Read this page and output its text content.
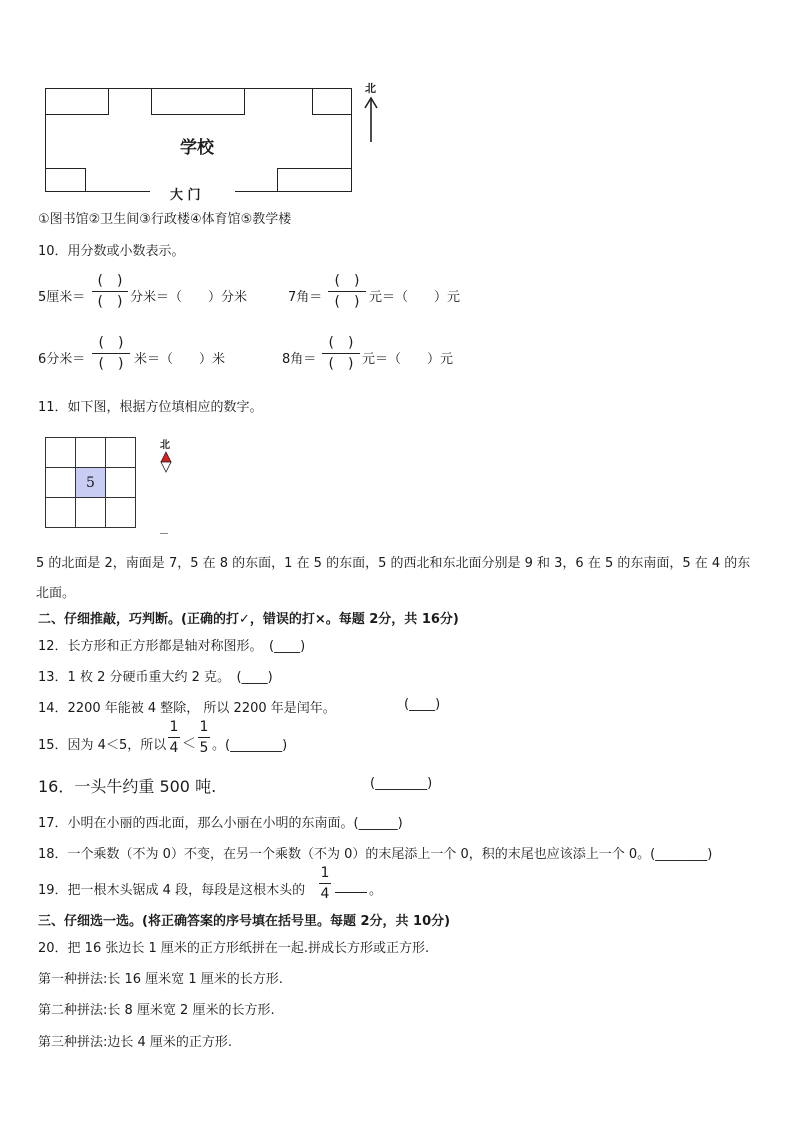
学校
大 门
北
①图书馆②卫生间③行政楼④体育馆⑤教学楼
10．用分数或小数表示。
5厘米＝
(　)
(　) 分米＝（　　）分米	7角＝
(　)
(　) 元＝（　　）元
6分米＝
(　)
(　) 米＝（　　）米	8角＝
(　)
(　) 元＝（　　）元
11．如下图，根据方位填相应的数字。

	5	

北
5 的北面是 2，南面是 7，5 在 8 的东面，1 在 5 的东面，5 的西北和东北面分别是 9 和 3，6 在 5 的东南面，5 在 4 的东
北面。
二、仔细推敲，巧判断。(正确的打✓，错误的打×。每题 2分，共 16分)
12．长方形和正方形都是轴对称图形。　(____)
13．1 枚 2 分硬币重大约 2 克。　(____)
14．2200 年能被 4 整除， 所以 2200 年是闰年。	(____)
15．因为 4＜5，所以
1
4 ＜
1
5 。(________)
16．一头牛约重 500 吨.	(________)
17．小明在小丽的西北面，那么小丽在小明的东南面。(______)
18．一个乘数（不为 0）不变，在另一个乘数（不为 0）的末尾添上一个 0，积的末尾也应该添上一个 0。(________)
19．把一根木头锯成 4 段，每段是这根木头的
1
4	。
三、仔细选一选。(将正确答案的序号填在括号里。每题 2分，共 10分)
20．把 16 张边长 1 厘米的正方形纸拼在一起.拼成长方形或正方形.
第一种拼法:长 16 厘米宽 1 厘米的长方形.
第二种拼法:长 8 厘米宽 2 厘米的长方形.
第三种拼法:边长 4 厘米的正方形.
